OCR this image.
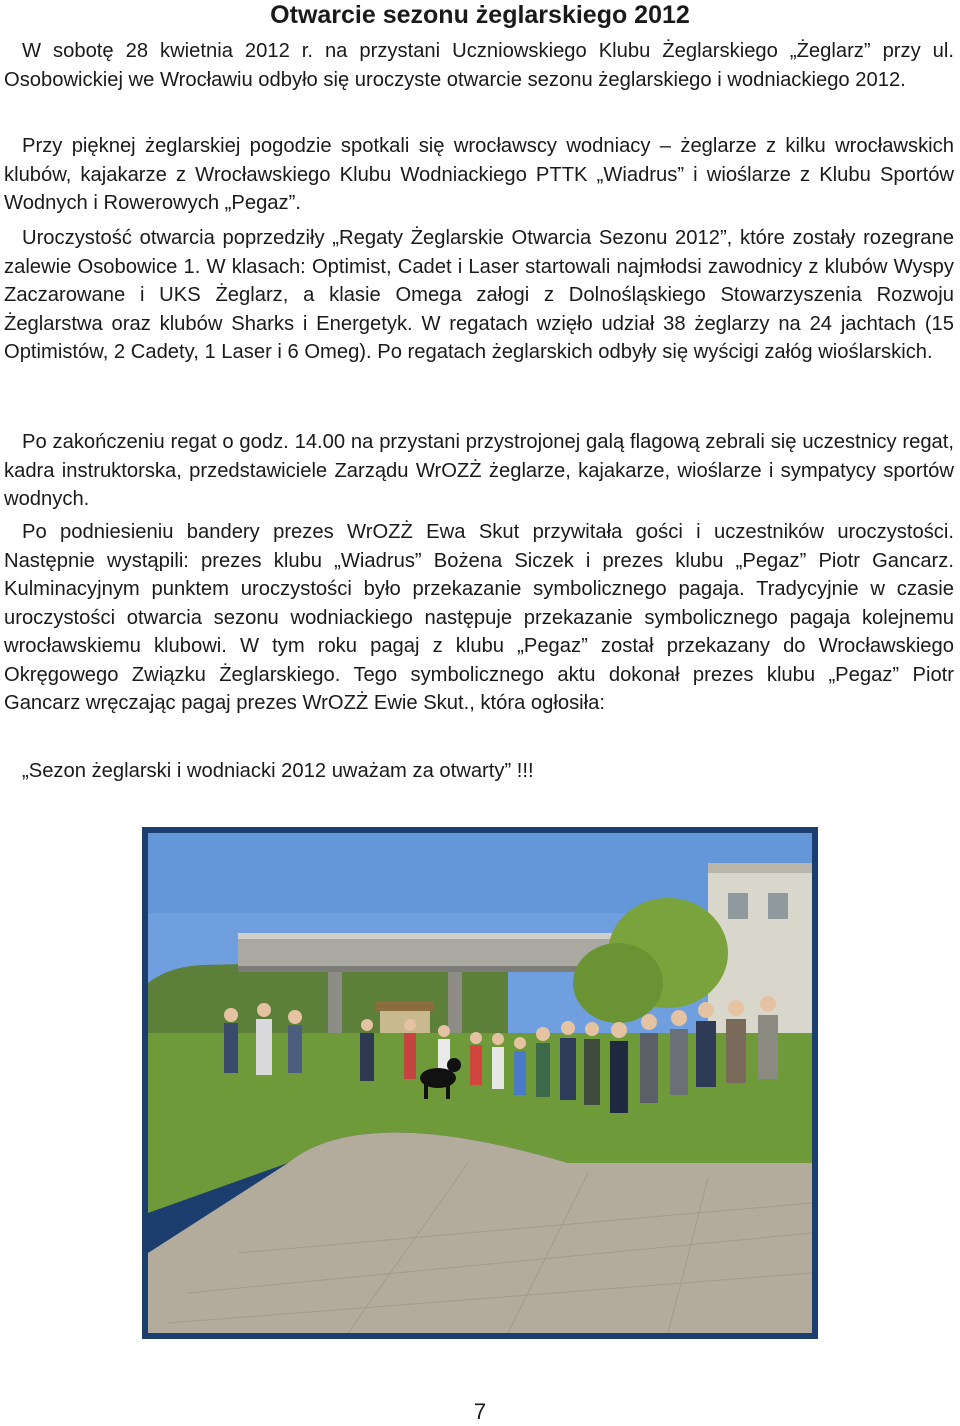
Otwarcie sezonu żeglarskiego 2012

W sobotę 28 kwietnia 2012 r. na przystani Uczniowskiego Klubu Żeglarskiego „Żeglarz” przy ul. Osobowickiej we Wrocławiu odbyło się uroczyste otwarcie sezonu żeglarskiego i wodniackiego 2012.

Przy pięknej żeglarskiej pogodzie spotkali się wrocławscy wodniacy – żeglarze z kilku wrocławskich klubów, kajakarze z Wrocławskiego Klubu Wodniackiego PTTK „Wiadrus” i wioślarze z Klubu Sportów Wodnych i Rowerowych „Pegaz”.

Uroczystość otwarcia poprzedziły „Regaty Żeglarskie Otwarcia Sezonu 2012”, które zostały rozegrane zalewie Osobowice 1. W klasach: Optimist, Cadet i Laser startowali najmłodsi zawodnicy z klubów Wyspy Zaczarowane i UKS Żeglarz, a klasie Omega załogi z Dolnośląskiego Stowarzyszenia Rozwoju Żeglarstwa oraz klubów Sharks i Energetyk. W regatach wzięło udział 38 żeglarzy na 24 jachtach (15 Optimistów, 2 Cadety, 1 Laser i 6 Omeg). Po regatach żeglarskich odbyły się wyścigi załóg wioślarskich.

Po zakończeniu regat o godz. 14.00 na przystani przystrojonej galą flagową zebrali się uczestnicy regat, kadra instruktorska, przedstawiciele Zarządu WrOZŻ żeglarze, kajakarze, wioślarze i sympatycy sportów wodnych.

Po podniesieniu bandery prezes WrOZŻ Ewa Skut przywitała gości i uczestników uroczystości. Następnie wystąpili: prezes klubu „Wiadrus” Bożena Siczek i prezes klubu „Pegaz” Piotr Gancarz. Kulminacyjnym punktem uroczystości było przekazanie symbolicznego pagaja. Tradycyjnie w czasie uroczystości otwarcia sezonu wodniackiego następuje przekazanie symbolicznego pagaja kolejnemu wrocławskiemu klubowi. W tym roku pagaj z klubu „Pegaz” został przekazany do Wrocławskiego Okręgowego Związku Żeglarskiego. Tego symbolicznego aktu dokonał prezes klubu „Pegaz” Piotr Gancarz wręczając pagaj prezes WrOZŻ Ewie Skut., która ogłosiła:

„Sezon żeglarski i wodniacki 2012 uważam za otwarty” !!!

7
